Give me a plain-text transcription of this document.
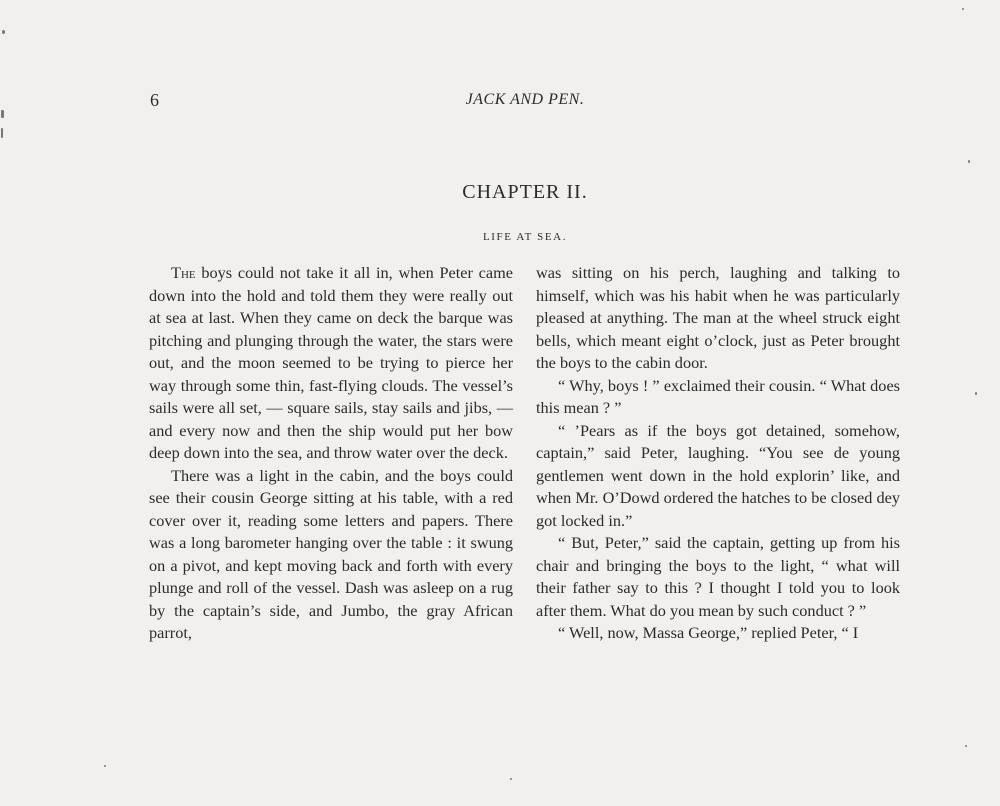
6	JACK AND PEN.
CHAPTER II.
LIFE AT SEA.

The boys could not take it all in, when Peter came down into the hold and told them they were really out at sea at last. When they came on deck the barque was pitching and plunging through the water, the stars were out, and the moon seemed to be trying to pierce her way through some thin, fast-flying clouds. The vessel’s sails were all set, — square sails, stay sails and jibs, — and every now and then the ship would put her bow deep down into the sea, and throw water over the deck.

There was a light in the cabin, and the boys could see their cousin George sitting at his table, with a red cover over it, reading some letters and papers. There was a long barometer hanging over the table : it swung on a pivot, and kept moving back and forth with every plunge and roll of the vessel. Dash was asleep on a rug by the captain’s side, and Jumbo, the gray African parrot,

was sitting on his perch, laughing and talking to himself, which was his habit when he was particularly pleased at anything. The man at the wheel struck eight bells, which meant eight o’clock, just as Peter brought the boys to the cabin door.

“ Why, boys ! ” exclaimed their cousin. “ What does this mean ? ”

“ ’Pears as if the boys got detained, somehow, captain,” said Peter, laughing. “You see de young gentlemen went down in the hold explorin’ like, and when Mr. O’Dowd ordered the hatches to be closed dey got locked in.”

“ But, Peter,” said the captain, getting up from his chair and bringing the boys to the light, “ what will their father say to this ? I thought I told you to look after them. What do you mean by such conduct ? ”

“ Well, now, Massa George,” replied Peter, “ I
